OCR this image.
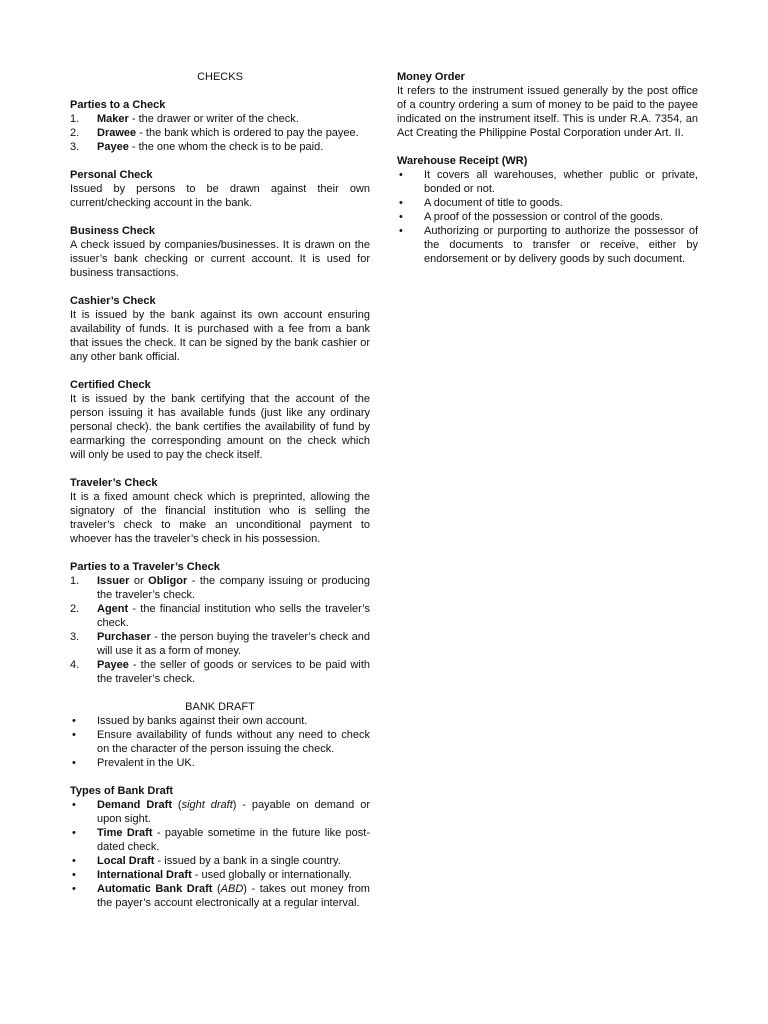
CHECKS
Parties to a Check
1. Maker - the drawer or writer of the check.
2. Drawee - the bank which is ordered to pay the payee.
3. Payee - the one whom the check is to be paid.
Personal Check

Issued by persons to be drawn against their own current/checking account in the bank.

Business Check

A check issued by companies/businesses. It is drawn on the issuer’s bank checking or current account. It is used for business transactions.

Cashier’s Check

It is issued by the bank against its own account ensuring availability of funds. It is purchased with a fee from a bank that issues the check. It can be signed by the bank cashier or any other bank official.

Certified Check

It is issued by the bank certifying that the account of the person issuing it has available funds (just like any ordinary personal check). the bank certifies the availability of fund by earmarking the corresponding amount on the check which will only be used to pay the check itself.

Traveler’s Check

It is a fixed amount check which is preprinted, allowing the signatory of the financial institution who is selling the traveler’s check to make an unconditional payment to whoever has the traveler’s check in his possession.

Parties to a Traveler’s Check
1. Issuer or Obligor - the company issuing or producing the traveler’s check.
2. Agent - the financial institution who sells the traveler’s check.
3. Purchaser - the person buying the traveler’s check and will use it as a form of money.
4. Payee - the seller of goods or services to be paid with the traveler’s check.
BANK DRAFT
• Issued by banks against their own account.
• Ensure availability of funds without any need to check on the character of the person issuing the check.
• Prevalent in the UK.
Types of Bank Draft
• Demand Draft (sight draft) - payable on demand or upon sight.
• Time Draft - payable sometime in the future like post-dated check.
• Local Draft - issued by a bank in a single country.
• International Draft - used globally or internationally.
• Automatic Bank Draft (ABD) - takes out money from the payer’s account electronically at a regular interval.
Money Order

It refers to the instrument issued generally by the post office of a country ordering a sum of money to be paid to the payee indicated on the instrument itself. This is under R.A. 7354, an Act Creating the Philippine Postal Corporation under Art. II.

Warehouse Receipt (WR)
• It covers all warehouses, whether public or private, bonded or not.
• A document of title to goods.
• A proof of the possession or control of the goods.
• Authorizing or purporting to authorize the possessor of the documents to transfer or receive, either by endorsement or by delivery goods by such document.
